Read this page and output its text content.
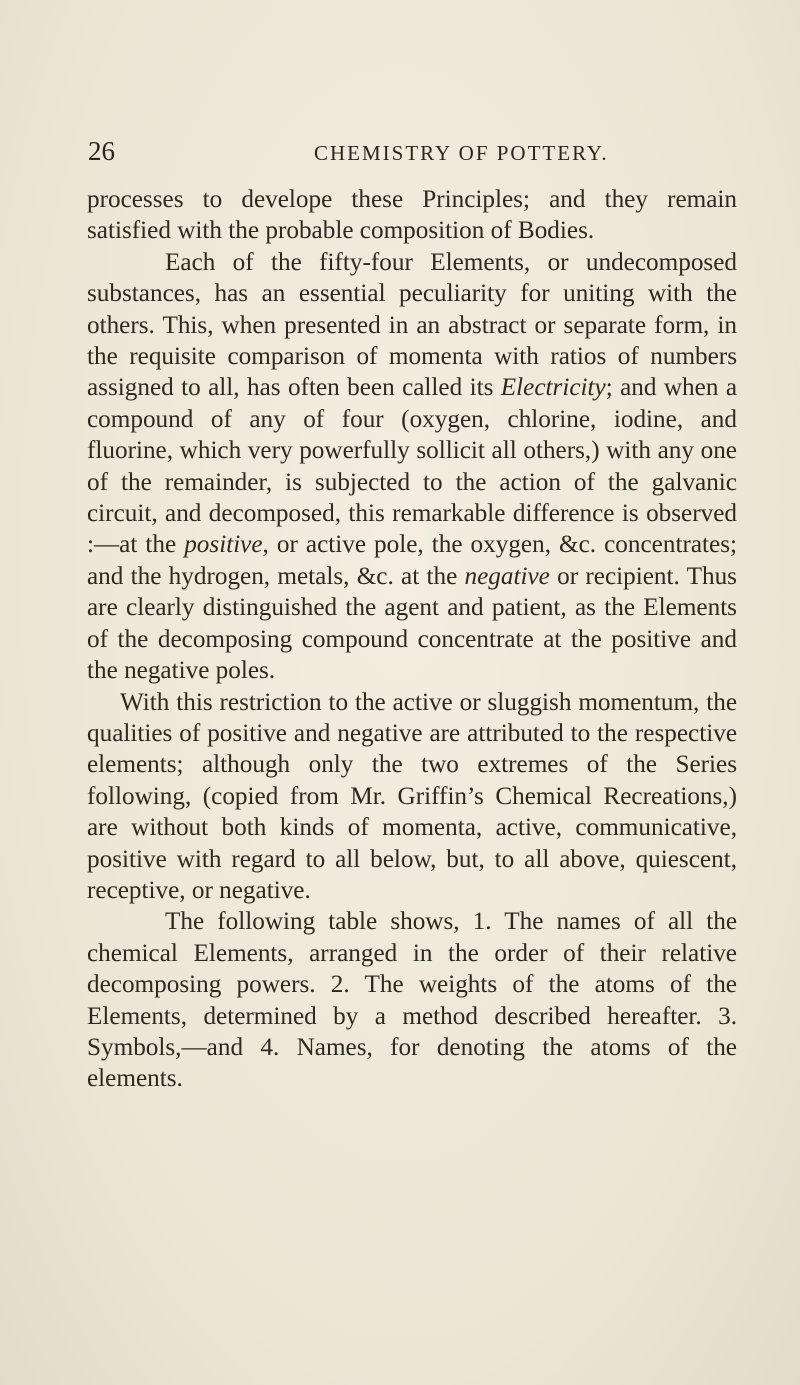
26	CHEMISTRY OF POTTERY.

processes to develope these Principles; and they remain satisfied with the probable composition of Bodies.

Each of the fifty-four Elements, or undecomposed substances, has an essential peculiarity for uniting with the others. This, when presented in an abstract or separate form, in the requisite comparison of momenta with ratios of numbers assigned to all, has often been called its Electricity; and when a compound of any of four (oxygen, chlorine, iodine, and fluorine, which very powerfully sollicit all others,) with any one of the remainder, is subjected to the action of the galvanic circuit, and decomposed, this remarkable difference is observed :—at the positive, or active pole, the oxygen, &c. concentrates; and the hydrogen, metals, &c. at the negative or recipient. Thus are clearly distinguished the agent and patient, as the Elements of the decomposing compound concentrate at the positive and the negative poles.

With this restriction to the active or sluggish momentum, the qualities of positive and negative are attributed to the respective elements; although only the two extremes of the Series following, (copied from Mr. Griffin’s Chemical Recreations,) are without both kinds of momenta, active, communicative, positive with regard to all below, but, to all above, quiescent, receptive, or negative.

The following table shows, 1. The names of all the chemical Elements, arranged in the order of their relative decomposing powers. 2. The weights of the atoms of the Elements, determined by a method described hereafter. 3. Symbols,—and 4. Names, for denoting the atoms of the elements.
